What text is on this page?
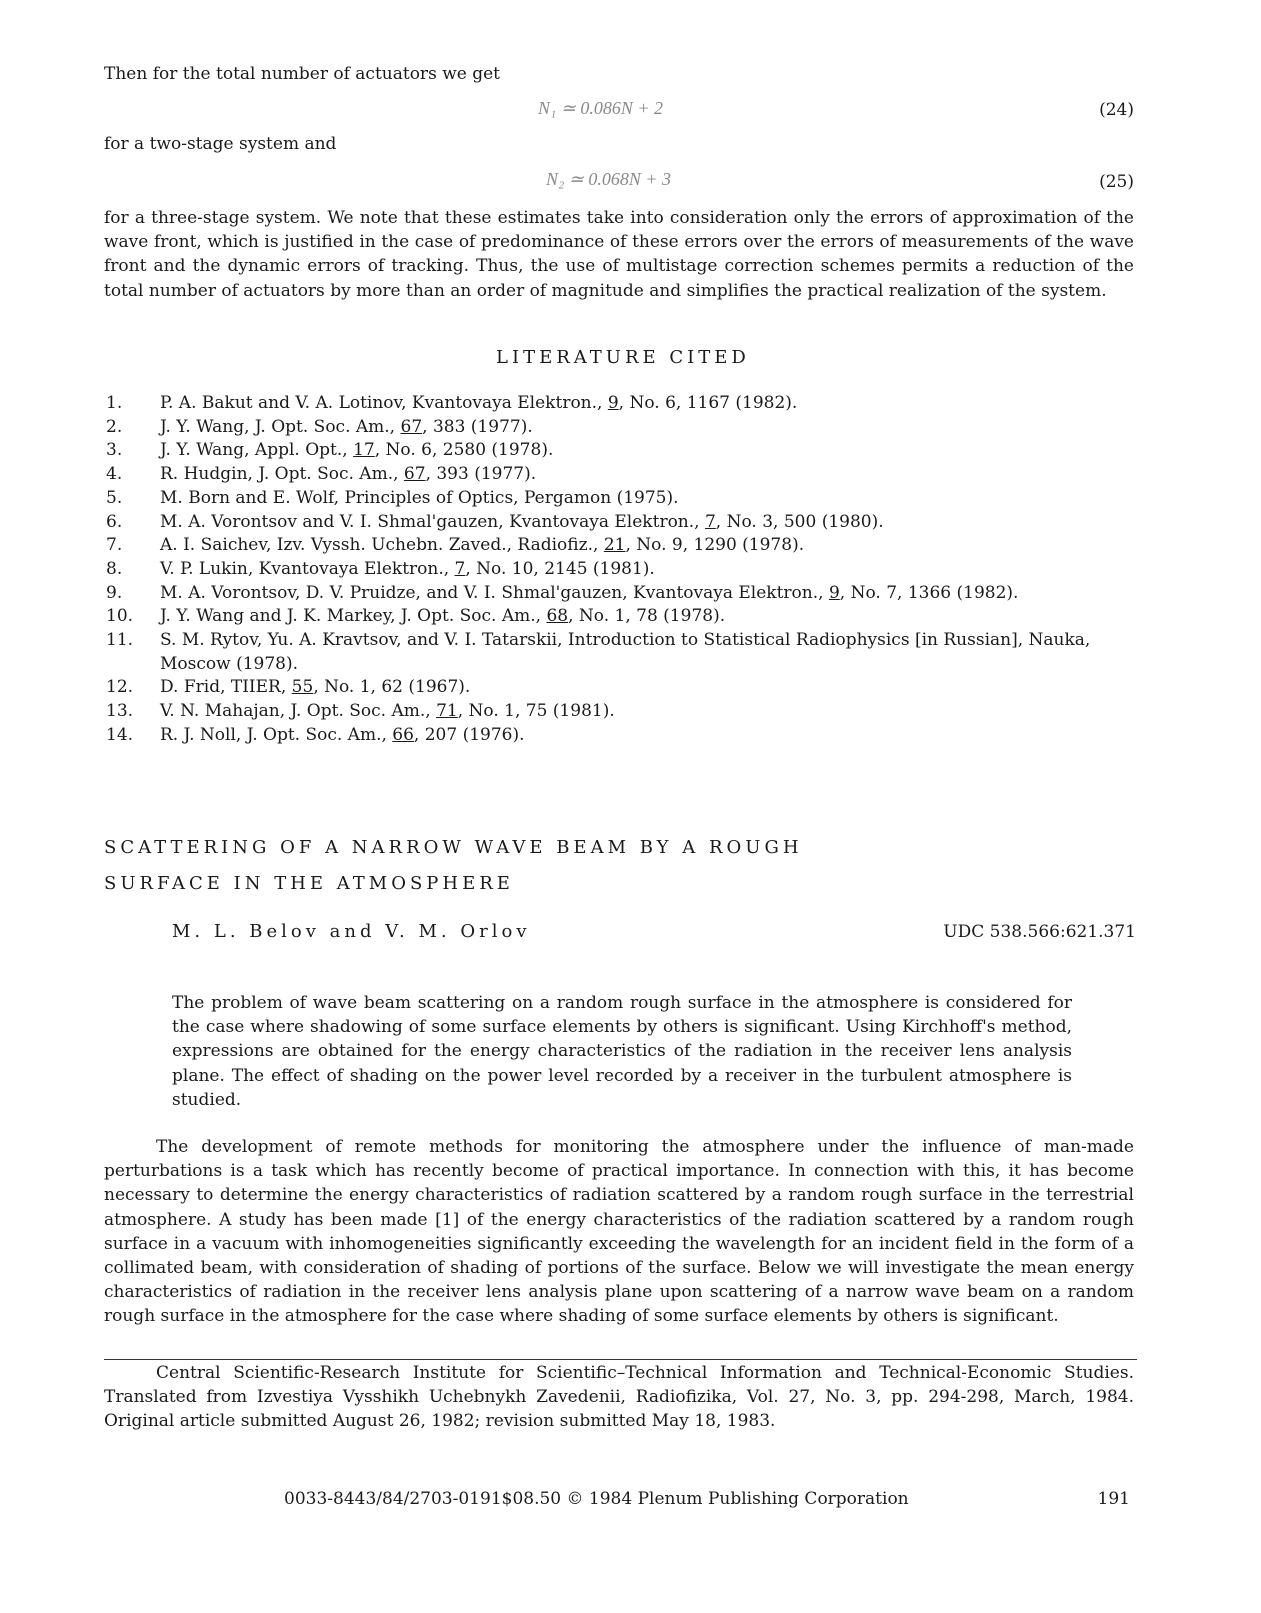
Then for the total number of actuators we get
N₁ ≃ 0.086N + 2	(24)
for a two-stage system and
N₂ ≃ 0.068N + 3	(25)
for a three-stage system. We note that these estimates take into consideration only the errors of approximation of the wave front, which is justified in the case of predominance of these errors over the errors of measurements of the wave front and the dynamic errors of tracking. Thus, the use of multistage correction schemes permits a reduction of the total number of actuators by more than an order of magnitude and simplifies the practical realization of the system.
LITERATURE CITED
1.	P. A. Bakut and V. A. Lotinov, Kvantovaya Elektron., 9, No. 6, 1167 (1982).
2.	J. Y. Wang, J. Opt. Soc. Am., 67, 383 (1977).
3.	J. Y. Wang, Appl. Opt., 17, No. 6, 2580 (1978).
4.	R. Hudgin, J. Opt. Soc. Am., 67, 393 (1977).
5.	M. Born and E. Wolf, Principles of Optics, Pergamon (1975).
6.	M. A. Vorontsov and V. I. Shmal'gauzen, Kvantovaya Elektron., 7, No. 3, 500 (1980).
7.	A. I. Saichev, Izv. Vyssh. Uchebn. Zaved., Radiofiz., 21, No. 9, 1290 (1978).
8.	V. P. Lukin, Kvantovaya Elektron., 7, No. 10, 2145 (1981).
9.	M. A. Vorontsov, D. V. Pruidze, and V. I. Shmal'gauzen, Kvantovaya Elektron., 9, No. 7, 1366 (1982).
10.	J. Y. Wang and J. K. Markey, J. Opt. Soc. Am., 68, No. 1, 78 (1978).
11.	S. M. Rytov, Yu. A. Kravtsov, and V. I. Tatarskii, Introduction to Statistical Radiophysics [in Russian], Nauka, Moscow (1978).
12.	D. Frid, TIIER, 55, No. 1, 62 (1967).
13.	V. N. Mahajan, J. Opt. Soc. Am., 71, No. 1, 75 (1981).
14.	R. J. Noll, J. Opt. Soc. Am., 66, 207 (1976).
SCATTERING OF A NARROW WAVE BEAM BY A ROUGH
SURFACE IN THE ATMOSPHERE
M. L. Belov and V. M. Orlov	UDC 538.566:621.371
The problem of wave beam scattering on a random rough surface in the atmosphere is considered for the case where shadowing of some surface elements by others is significant. Using Kirchhoff's method, expressions are obtained for the energy characteristics of the radiation in the receiver lens analysis plane. The effect of shading on the power level recorded by a receiver in the turbulent atmosphere is studied.
The development of remote methods for monitoring the atmosphere under the influence of man-made perturbations is a task which has recently become of practical importance. In connection with this, it has become necessary to determine the energy characteristics of radiation scattered by a random rough surface in the terrestrial atmosphere. A study has been made [1] of the energy characteristics of the radiation scattered by a random rough surface in a vacuum with inhomogeneities significantly exceeding the wavelength for an incident field in the form of a collimated beam, with consideration of shading of portions of the surface. Below we will investigate the mean energy characteristics of radiation in the receiver lens analysis plane upon scattering of a narrow wave beam on a random rough surface in the atmosphere for the case where shading of some surface elements by others is significant.
Central Scientific-Research Institute for Scientific–Technical Information and Technical-Economic Studies. Translated from Izvestiya Vysshikh Uchebnykh Zavedenii, Radiofizika, Vol. 27, No. 3, pp. 294-298, March, 1984. Original article submitted August 26, 1982; revision submitted May 18, 1983.
0033-8443/84/2703-0191$08.50 © 1984 Plenum Publishing Corporation	191
